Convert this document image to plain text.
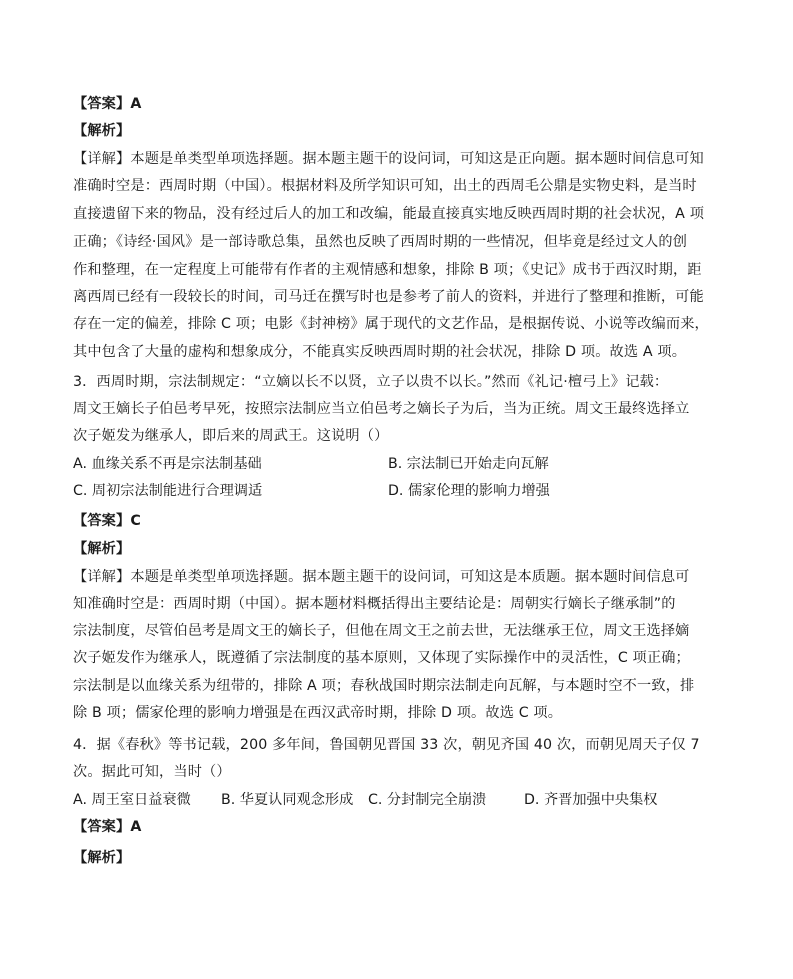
【答案】A
【解析】
【详解】本题是单类型单项选择题。据本题主题干的设问词，可知这是正向题。据本题时间信息可知
准确时空是：西周时期（中国）。根据材料及所学知识可知，出土的西周毛公鼎是实物史料，是当时
直接遗留下来的物品，没有经过后人的加工和改编，能最直接真实地反映西周时期的社会状况，A 项
正确；《诗经·国风》是一部诗歌总集，虽然也反映了西周时期的一些情况，但毕竟是经过文人的创
作和整理，在一定程度上可能带有作者的主观情感和想象，排除 B 项；《史记》成书于西汉时期，距
离西周已经有一段较长的时间，司马迁在撰写时也是参考了前人的资料，并进行了整理和推断，可能
存在一定的偏差，排除 C 项；电影《封神榜》属于现代的文艺作品，是根据传说、小说等改编而来，
其中包含了大量的虚构和想象成分，不能真实反映西周时期的社会状况，排除 D 项。故选 A 项。
3．西周时期，宗法制规定：“立嫡以长不以贤，立子以贵不以长。”然而《礼记·檀弓上》记载：
周文王嫡长子伯邑考早死，按照宗法制应当立伯邑考之嫡长子为后，当为正统。周文王最终选择立
次子姬发为继承人，即后来的周武王。这说明（）
A. 血缘关系不再是宗法制基础	B. 宗法制已开始走向瓦解
C. 周初宗法制能进行合理调适	D. 儒家伦理的影响力增强
【答案】C
【解析】
【详解】本题是单类型单项选择题。据本题主题干的设问词，可知这是本质题。据本题时间信息可
知准确时空是：西周时期（中国）。据本题材料概括得出主要结论是：周朝实行嫡长子继承制”的
宗法制度，尽管伯邑考是周文王的嫡长子，但他在周文王之前去世，无法继承王位，周文王选择嫡
次子姬发作为继承人，既遵循了宗法制度的基本原则，又体现了实际操作中的灵活性，C 项正确；
宗法制是以血缘关系为纽带的，排除 A 项；春秋战国时期宗法制走向瓦解，与本题时空不一致，排
除 B 项；儒家伦理的影响力增强是在西汉武帝时期，排除 D 项。故选 C 项。
4．据《春秋》等书记载，200 多年间，鲁国朝见晋国 33 次，朝见齐国 40 次，而朝见周天子仅 7
次。据此可知，当时（）
A. 周王室日益衰微 B. 华夏认同观念形成 C. 分封制完全崩溃	D. 齐晋加强中央集权
【答案】A
【解析】
